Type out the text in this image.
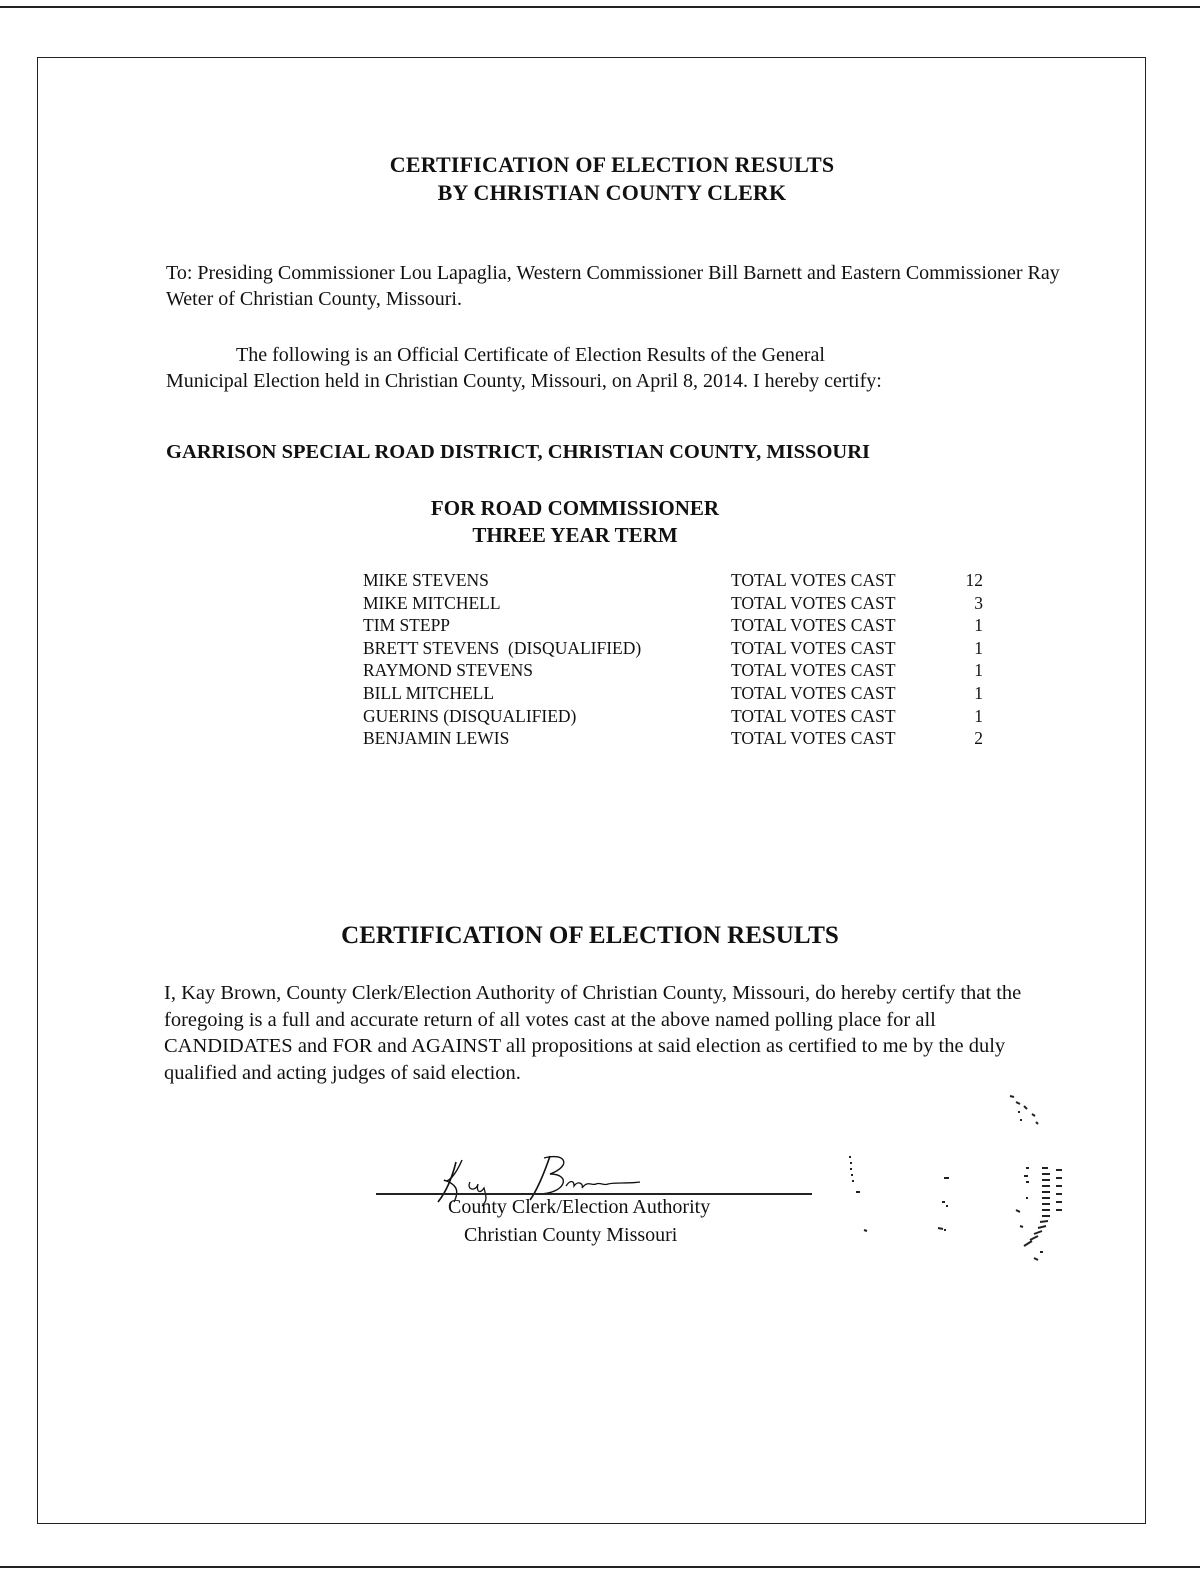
CERTIFICATION OF ELECTION RESULTS
BY CHRISTIAN COUNTY CLERK
To: Presiding Commissioner Lou Lapaglia, Western Commissioner Bill Barnett and Eastern Commissioner Ray Weter of Christian County, Missouri.
The following is an Official Certificate of Election Results of the General
Municipal Election held in Christian County, Missouri, on April 8, 2014. I hereby certify:
GARRISON SPECIAL ROAD DISTRICT, CHRISTIAN COUNTY, MISSOURI
FOR ROAD COMMISSIONER
THREE YEAR TERM
MIKE STEVENS	TOTAL VOTES CAST	12
MIKE MITCHELL	TOTAL VOTES CAST	3
TIM STEPP	TOTAL VOTES CAST	1
BRETT STEVENS  (DISQUALIFIED)	TOTAL VOTES CAST	1
RAYMOND STEVENS	TOTAL VOTES CAST	1
BILL MITCHELL	TOTAL VOTES CAST	1
GUERINS (DISQUALIFIED)	TOTAL VOTES CAST	1
BENJAMIN LEWIS	TOTAL VOTES CAST	2
CERTIFICATION OF ELECTION RESULTS
I, Kay Brown, County Clerk/Election Authority of Christian County, Missouri, do hereby certify that the foregoing is a full and accurate return of all votes cast at the above named polling place for all CANDIDATES and FOR and AGAINST all propositions at said election as certified to me by the duly qualified and acting judges of said election.
County Clerk/Election Authority
Christian County Missouri
